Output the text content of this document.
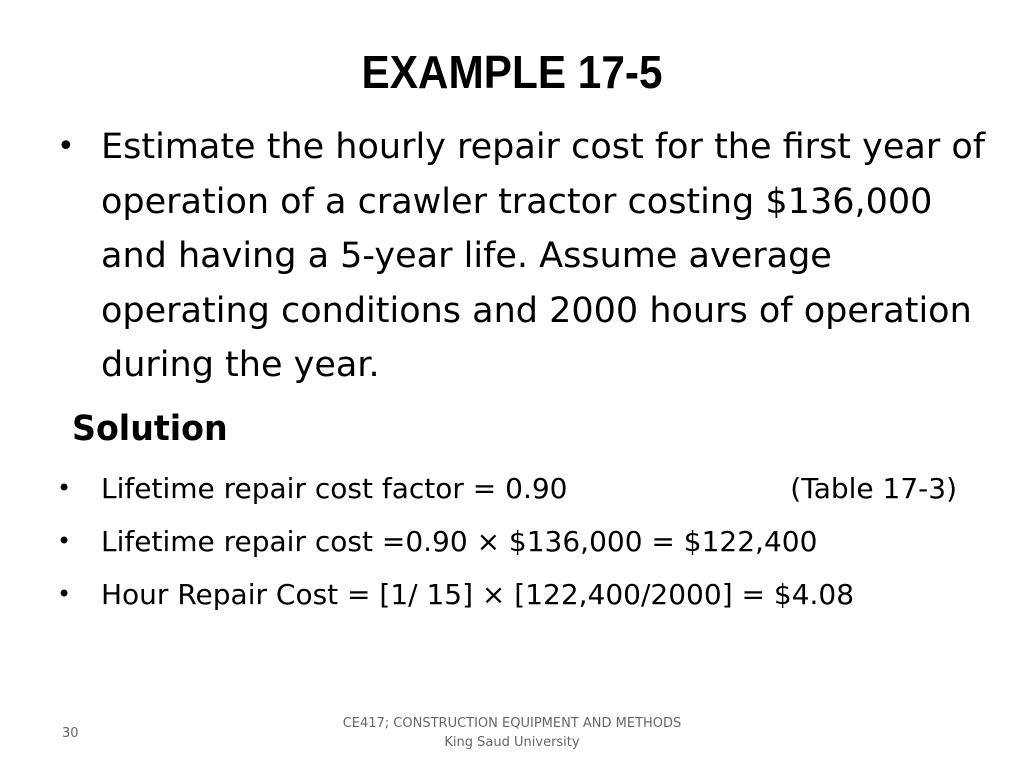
EXAMPLE 17-5
• Estimate the hourly repair cost for the first year of operation of a crawler tractor costing $136,000 and having a 5-year life. Assume average operating conditions and 2000 hours of operation during the year.
Solution
•	Lifetime repair cost factor = 0.90	(Table 17-3)
•	Lifetime repair cost =0.90 × $136,000 = $122,400
•	Hour Repair Cost = [1/ 15] × [122,400/2000] = $4.08
30
CE417; CONSTRUCTION EQUIPMENT AND METHODS
King Saud University
